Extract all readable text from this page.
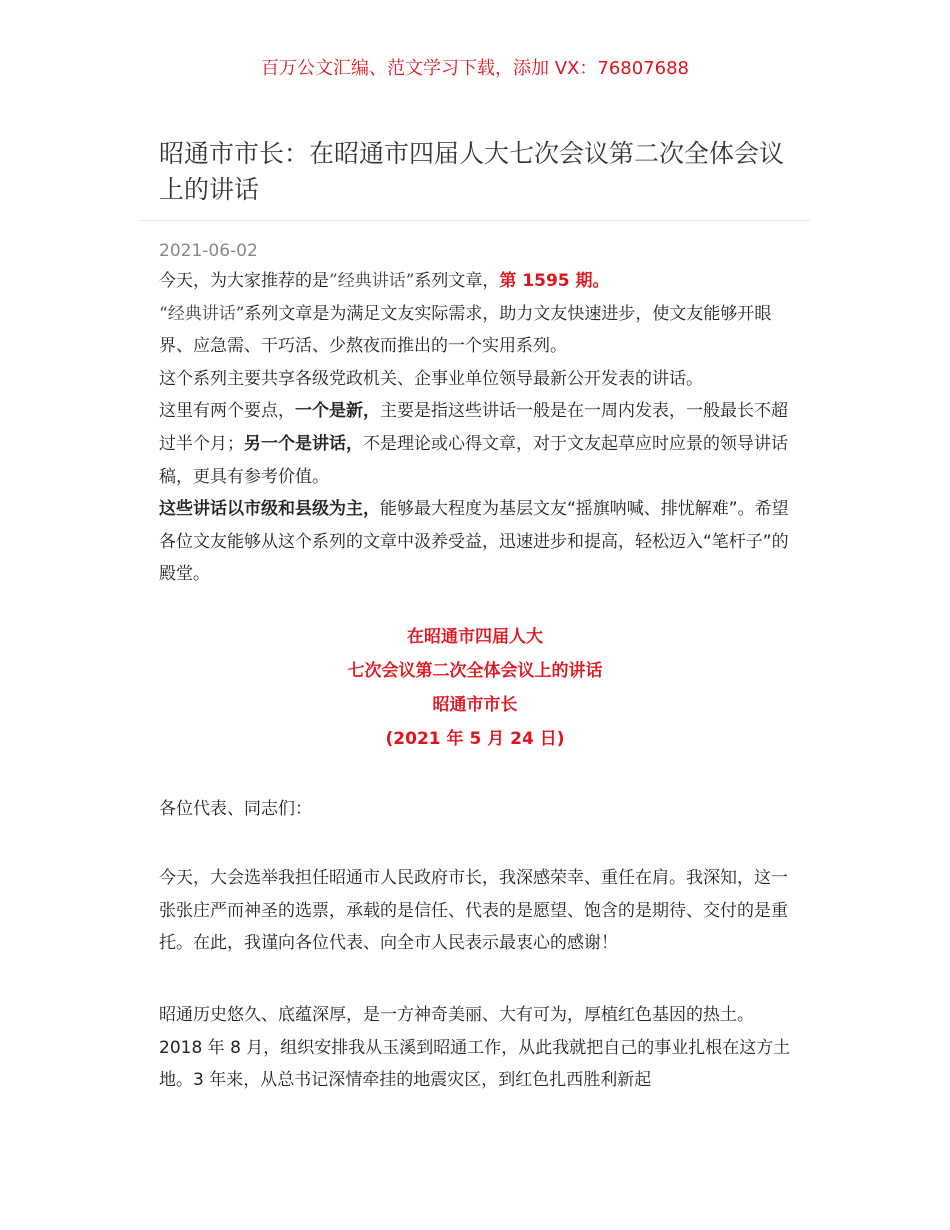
百万公文汇编、范文学习下载，添加 VX：76807688
昭通市市长：在昭通市四届人大七次会议第二次全体会议上的讲话
2021-06-02

今天，为大家推荐的是”经典讲话”系列文章，第 1595 期。

“经典讲话”系列文章是为满足文友实际需求，助力文友快速进步，使文友能够开眼界、应急需、干巧活、少熬夜而推出的一个实用系列。

这个系列主要共享各级党政机关、企事业单位领导最新公开发表的讲话。

这里有两个要点，一个是新，主要是指这些讲话一般是在一周内发表，一般最长不超过半个月；另一个是讲话，不是理论或心得文章，对于文友起草应时应景的领导讲话稿，更具有参考价值。

这些讲话以市级和县级为主，能够最大程度为基层文友“摇旗呐喊、排忧解难”。希望各位文友能够从这个系列的文章中汲养受益，迅速进步和提高，轻松迈入“笔杆子”的殿堂。

在昭通市四届人大
七次会议第二次全体会议上的讲话
昭通市市长
(2021 年 5 月 24 日)
各位代表、同志们：
今天，大会选举我担任昭通市人民政府市长，我深感荣幸、重任在肩。我深知，这一张张庄严而神圣的选票，承载的是信任、代表的是愿望、饱含的是期待、交付的是重托。在此，我谨向各位代表、向全市人民表示最衷心的感谢！
昭通历史悠久、底蕴深厚，是一方神奇美丽、大有可为，厚植红色基因的热土。2018 年 8 月，组织安排我从玉溪到昭通工作，从此我就把自己的事业扎根在这方土地。3 年来，从总书记深情牵挂的地震灾区，到红色扎西胜利新起
